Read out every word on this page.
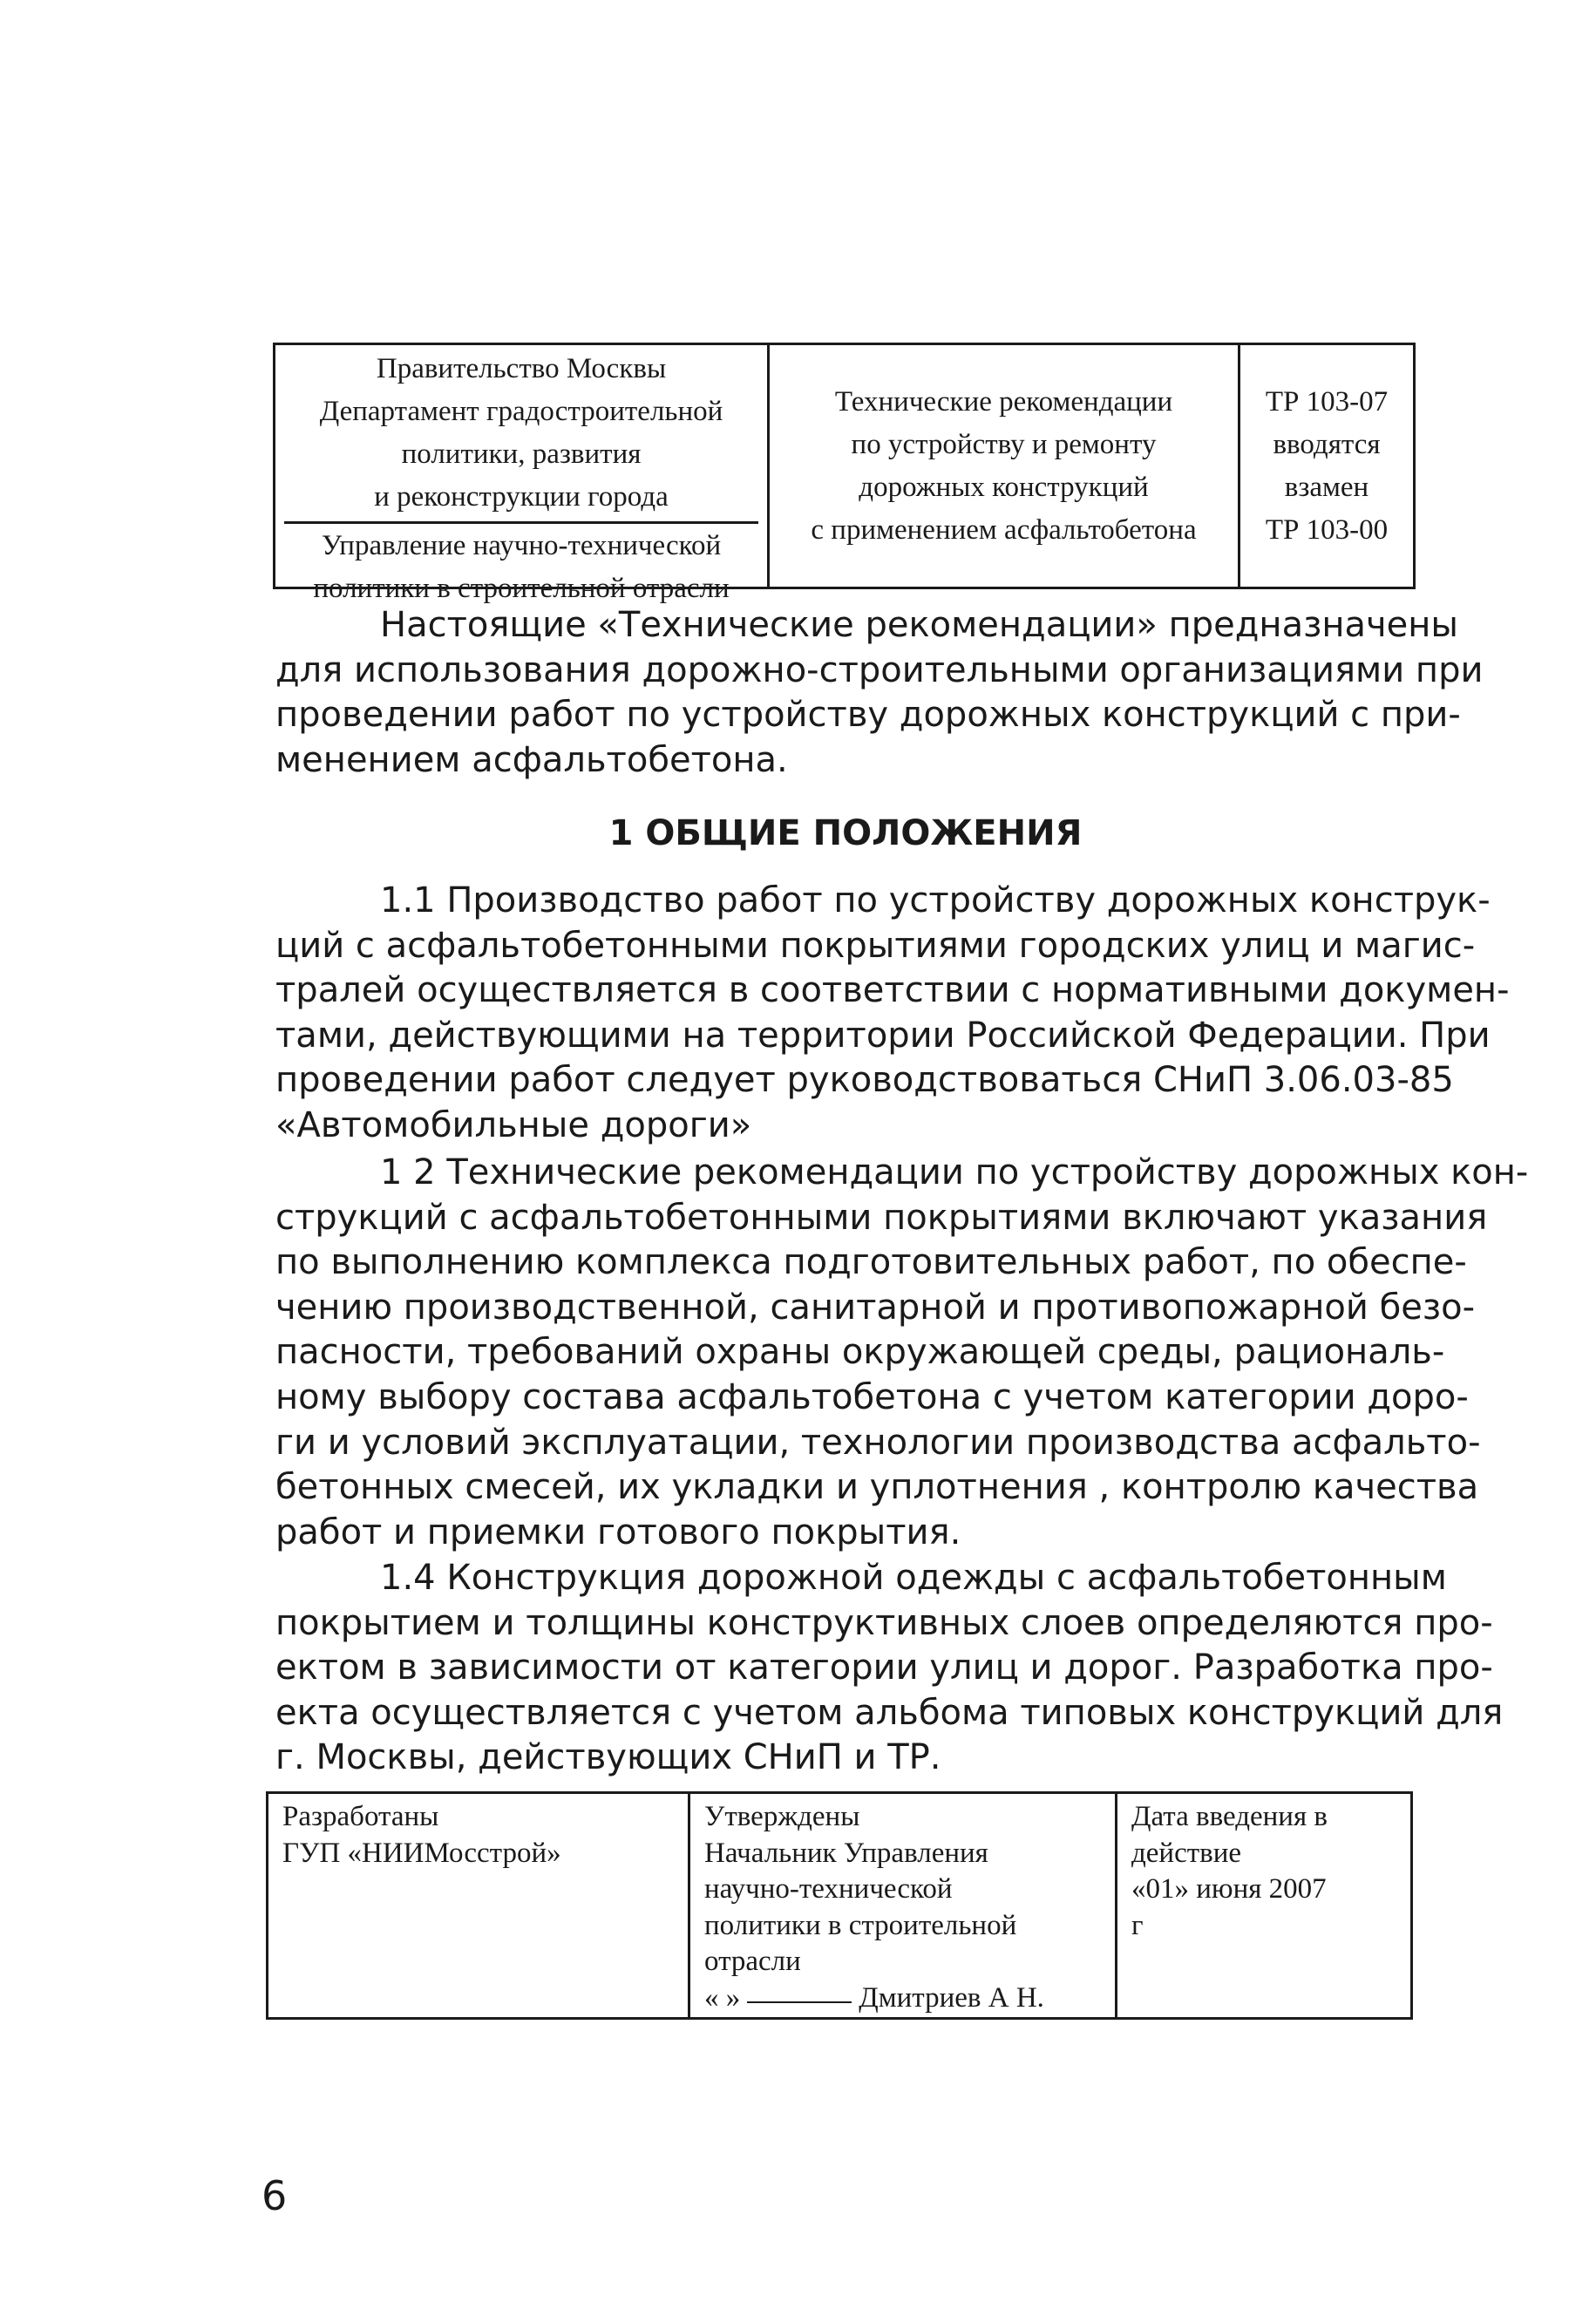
Правительство Москвы
Департамент градостроительной
политики, развития
и реконструкции города
Управление научно-технической
политики в строительной отрасли
Технические рекомендации
по устройству и ремонту
дорожных конструкций
с применением асфальтобетона
ТР 103-07
вводятся
взамен
ТР 103-00
Настоящие «Технические рекомендации» предназначены
для использования дорожно-строительными организациями при
проведении работ по устройству дорожных конструкций с при-
менением асфальтобетона.
1 ОБЩИЕ ПОЛОЖЕНИЯ
1.1 Производство работ по устройству дорожных конструк-
ций с асфальтобетонными покрытиями городских улиц и магис-
тралей осуществляется в соответствии с нормативными докумен-
тами, действующими на территории Российской Федерации. При
проведении работ следует руководствоваться СНиП 3.06.03-85
«Автомобильные дороги»
1 2 Технические рекомендации по устройству дорожных кон-
струкций с асфальтобетонными покрытиями включают указания
по выполнению комплекса подготовительных работ, по обеспе-
чению производственной, санитарной и противопожарной безо-
пасности, требований охраны окружающей среды, рациональ-
ному выбору состава асфальтобетона с учетом категории доро-
ги и условий эксплуатации, технологии производства асфальто-
бетонных смесей, их укладки и уплотнения , контролю качества
работ и приемки готового покрытия.
1.4 Конструкция дорожной одежды с асфальтобетонным
покрытием и толщины конструктивных слоев определяются про-
ектом в зависимости от категории улиц и дорог. Разработка про-
екта осуществляется с учетом альбома типовых конструкций для
г. Москвы, действующих СНиП и ТР.
Разработаны
ГУП «НИИМосстрой»
Утверждены
Начальник Управления
научно-технической
политики в строительной
отрасли
« »	Дмитриев А Н.
Дата введения в
действие
«01» июня 2007
г
6
